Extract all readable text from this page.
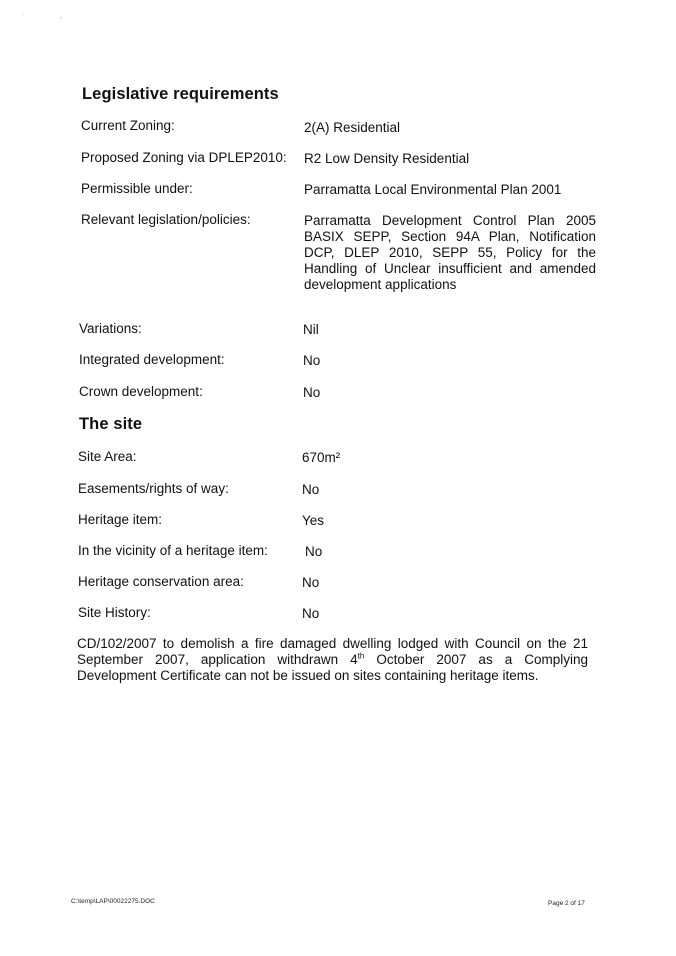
·	,
Legislative requirements
Current Zoning:	2(A) Residential
Proposed Zoning via DPLEP2010: R2 Low Density Residential
Permissible under:	Parramatta Local Environmental Plan 2001
Relevant legislation/policies:	Parramatta Development Control Plan 2005 BASIX SEPP, Section 94A Plan, Notification DCP, DLEP 2010, SEPP 55, Policy for the Handling of Unclear insufficient and amended development applications
Variations:	Nil
Integrated development:	No
Crown development:	No
The site
Site Area:	670m²
Easements/rights of way:	No
Heritage item:	Yes
In the vicinity of a heritage item:	No
Heritage conservation area:	No
Site History:	No
CD/102/2007 to demolish a fire damaged dwelling lodged with Council on the 21 September 2007, application withdrawn 4th October 2007 as a Complying Development Certificate can not be issued on sites containing heritage items.
C:\temp\LAP\00022275.DOC	Page 2 of 17
